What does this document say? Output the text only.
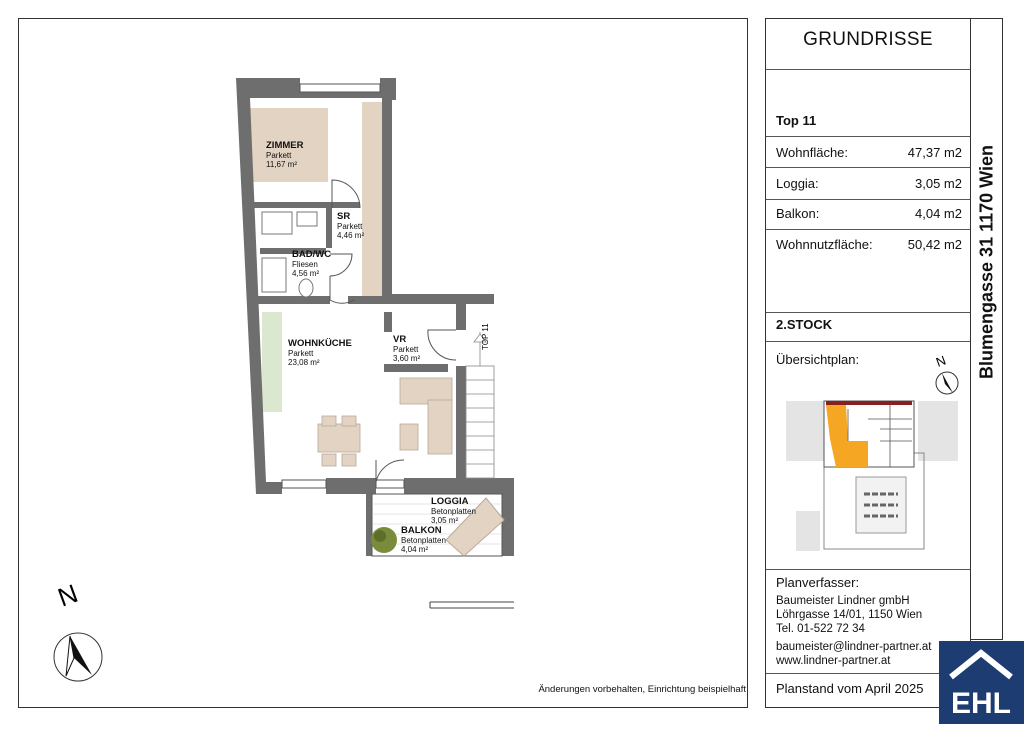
TOP 11
N
ZIMMER
Parkett
11,67 m²
SR
Parkett
4,46 m²
BAD/WC
Fliesen
4,56 m²
WOHNKÜCHE
Parkett
23,08 m²
VR
Parkett
3,60 m²
LOGGIA
Betonplatten
3,05 m²
BALKON
Betonplatten
4,04 m²
Änderungen vorbehalten, Einrichtung beispielhaft
GRUNDRISSE
Top 11
Wohnfläche:	47,37 m2
Loggia:	3,05 m2
Balkon:	4,04 m2
Wohnnutzfläche:	50,42 m2
2.STOCK
Übersichtplan:	N
Planverfasser:
Baumeister Lindner gmbH
Löhrgasse 14/01, 1150 Wien
Tel. 01-522 72 34
baumeister@lindner-partner.at
www.lindner-partner.at
Planstand vom April 2025
Blumengasse 31 1170 Wien
EHL
